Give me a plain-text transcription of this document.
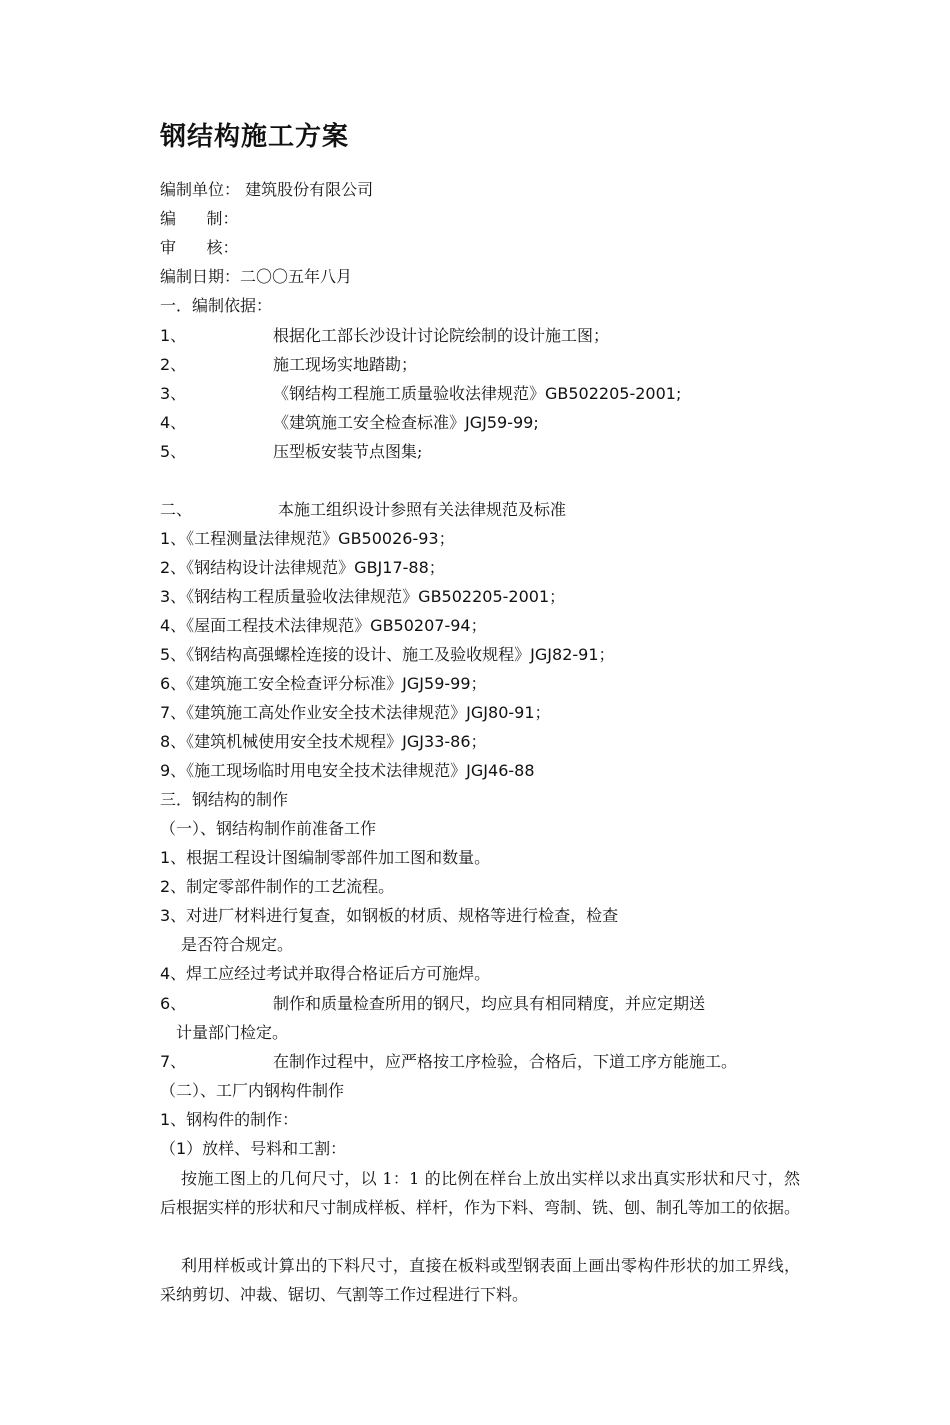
钢结构施工方案
编制单位： 建筑股份有限公司
编      制：
审      核：
编制日期：二〇〇五年八月
一．编制依据：
1、	根据化工部长沙设计讨论院绘制的设计施工图；
2、	施工现场实地踏勘；
3、	《钢结构工程施工质量验收法律规范》GB502205-2001;
4、	《建筑施工安全检查标准》JGJ59-99;
5、	压型板安装节点图集;
二、	本施工组织设计参照有关法律规范及标准
1、《工程测量法律规范》GB50026-93；
2、《钢结构设计法律规范》GBJ17-88；
3、《钢结构工程质量验收法律规范》GB502205-2001；
4、《屋面工程技术法律规范》GB50207-94；
5、《钢结构高强螺栓连接的设计、施工及验收规程》JGJ82-91；
6、《建筑施工安全检查评分标准》JGJ59-99；
7、《建筑施工高处作业安全技术法律规范》JGJ80-91；
8、《建筑机械使用安全技术规程》JGJ33-86；
9、《施工现场临时用电安全技术法律规范》JGJ46-88
三．钢结构的制作
（一）、钢结构制作前准备工作
1、根据工程设计图编制零部件加工图和数量。
2、制定零部件制作的工艺流程。
3、对进厂材料进行复查，如钢板的材质、规格等进行检查，检查
是否符合规定。
4、焊工应经过考试并取得合格证后方可施焊。
6、	制作和质量检查所用的钢尺，均应具有相同精度，并应定期送
计量部门检定。
7、	在制作过程中，应严格按工序检验，合格后，下道工序方能施工。
（二）、工厂内钢构件制作
1、钢构件的制作：
（1）放样、号料和工割：
按施工图上的几何尺寸，以 1：1 的比例在样台上放出实样以求出真实形状和尺寸，然后根据实样的形状和尺寸制成样板、样杆，作为下料、弯制、铣、刨、制孔等加工的依据。
利用样板或计算出的下料尺寸，直接在板料或型钢表面上画出零构件形状的加工界线，采纳剪切、冲裁、锯切、气割等工作过程进行下料。
